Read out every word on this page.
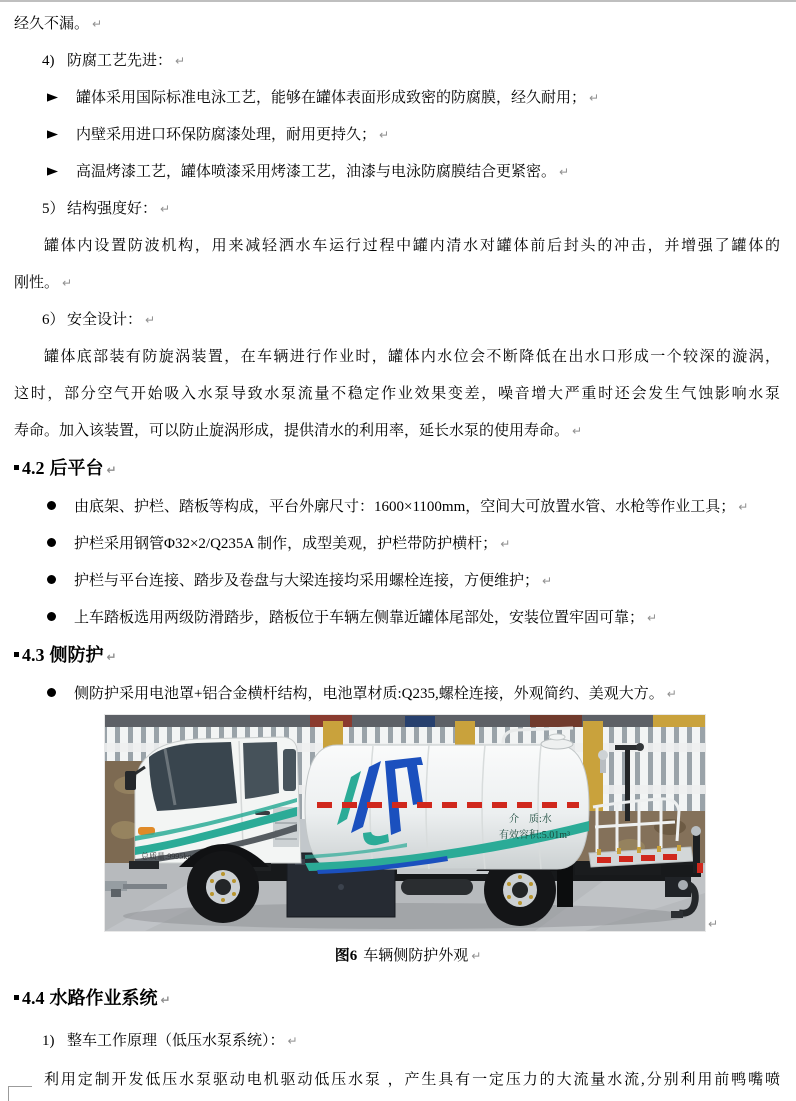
经久不漏。 ↵
4) 防腐工艺先进： ↵
罐体采用国际标准电泳工艺，能够在罐体表面形成致密的防腐膜，经久耐用； ↵
内壁采用进口环保防腐漆处理，耐用更持久； ↵
高温烤漆工艺，罐体喷漆采用烤漆工艺，油漆与电泳防腐膜结合更紧密。 ↵
5） 结构强度好： ↵
罐体内设置防波机构，用来减轻洒水车运行过程中罐内清水对罐体前后封头的冲击，并增强了罐体的
刚性。 ↵
6） 安全设计： ↵
罐体底部装有防旋涡装置，在车辆进行作业时，罐体内水位会不断降低在出水口形成一个较深的漩涡，
这时，部分空气开始吸入水泵导致水泵流量不稳定作业效果变差，噪音增大严重时还会发生气蚀影响水泵
寿命。加入该装置，可以防止旋涡形成，提供清水的利用率，延长水泵的使用寿命。 ↵
4.2 后平台 ↵
由底架、护栏、踏板等构成，平台外廓尺寸：1600×1100mm，空间大可放置水管、水枪等作业工具； ↵
护栏采用钢管Φ32×2/Q235A 制作，成型美观，护栏带防护横杆； ↵
护栏与平台连接、踏步及卷盘与大梁连接均采用螺栓连接，方便维护； ↵
上车踏板选用两级防滑踏步，踏板位于车辆左侧靠近罐体尾部处，安装位置牢固可靠； ↵
4.3 侧防护 ↵
侧防护采用电池罩+铝合金横杆结构，电池罩材质:Q235,螺栓连接，外观简约、美观大方。 ↵
总质量:9995kg
介　质:水
有效容积:5.01m³
↵
图6 车辆侧防护外观 ↵
4.4 水路作业系统 ↵
1) 整车工作原理（低压水泵系统）： ↵
利用定制开发低压水泵驱动电机驱动低压水泵 ，产生具有一定压力的大流量水流,分别利用前鸭嘴喷
